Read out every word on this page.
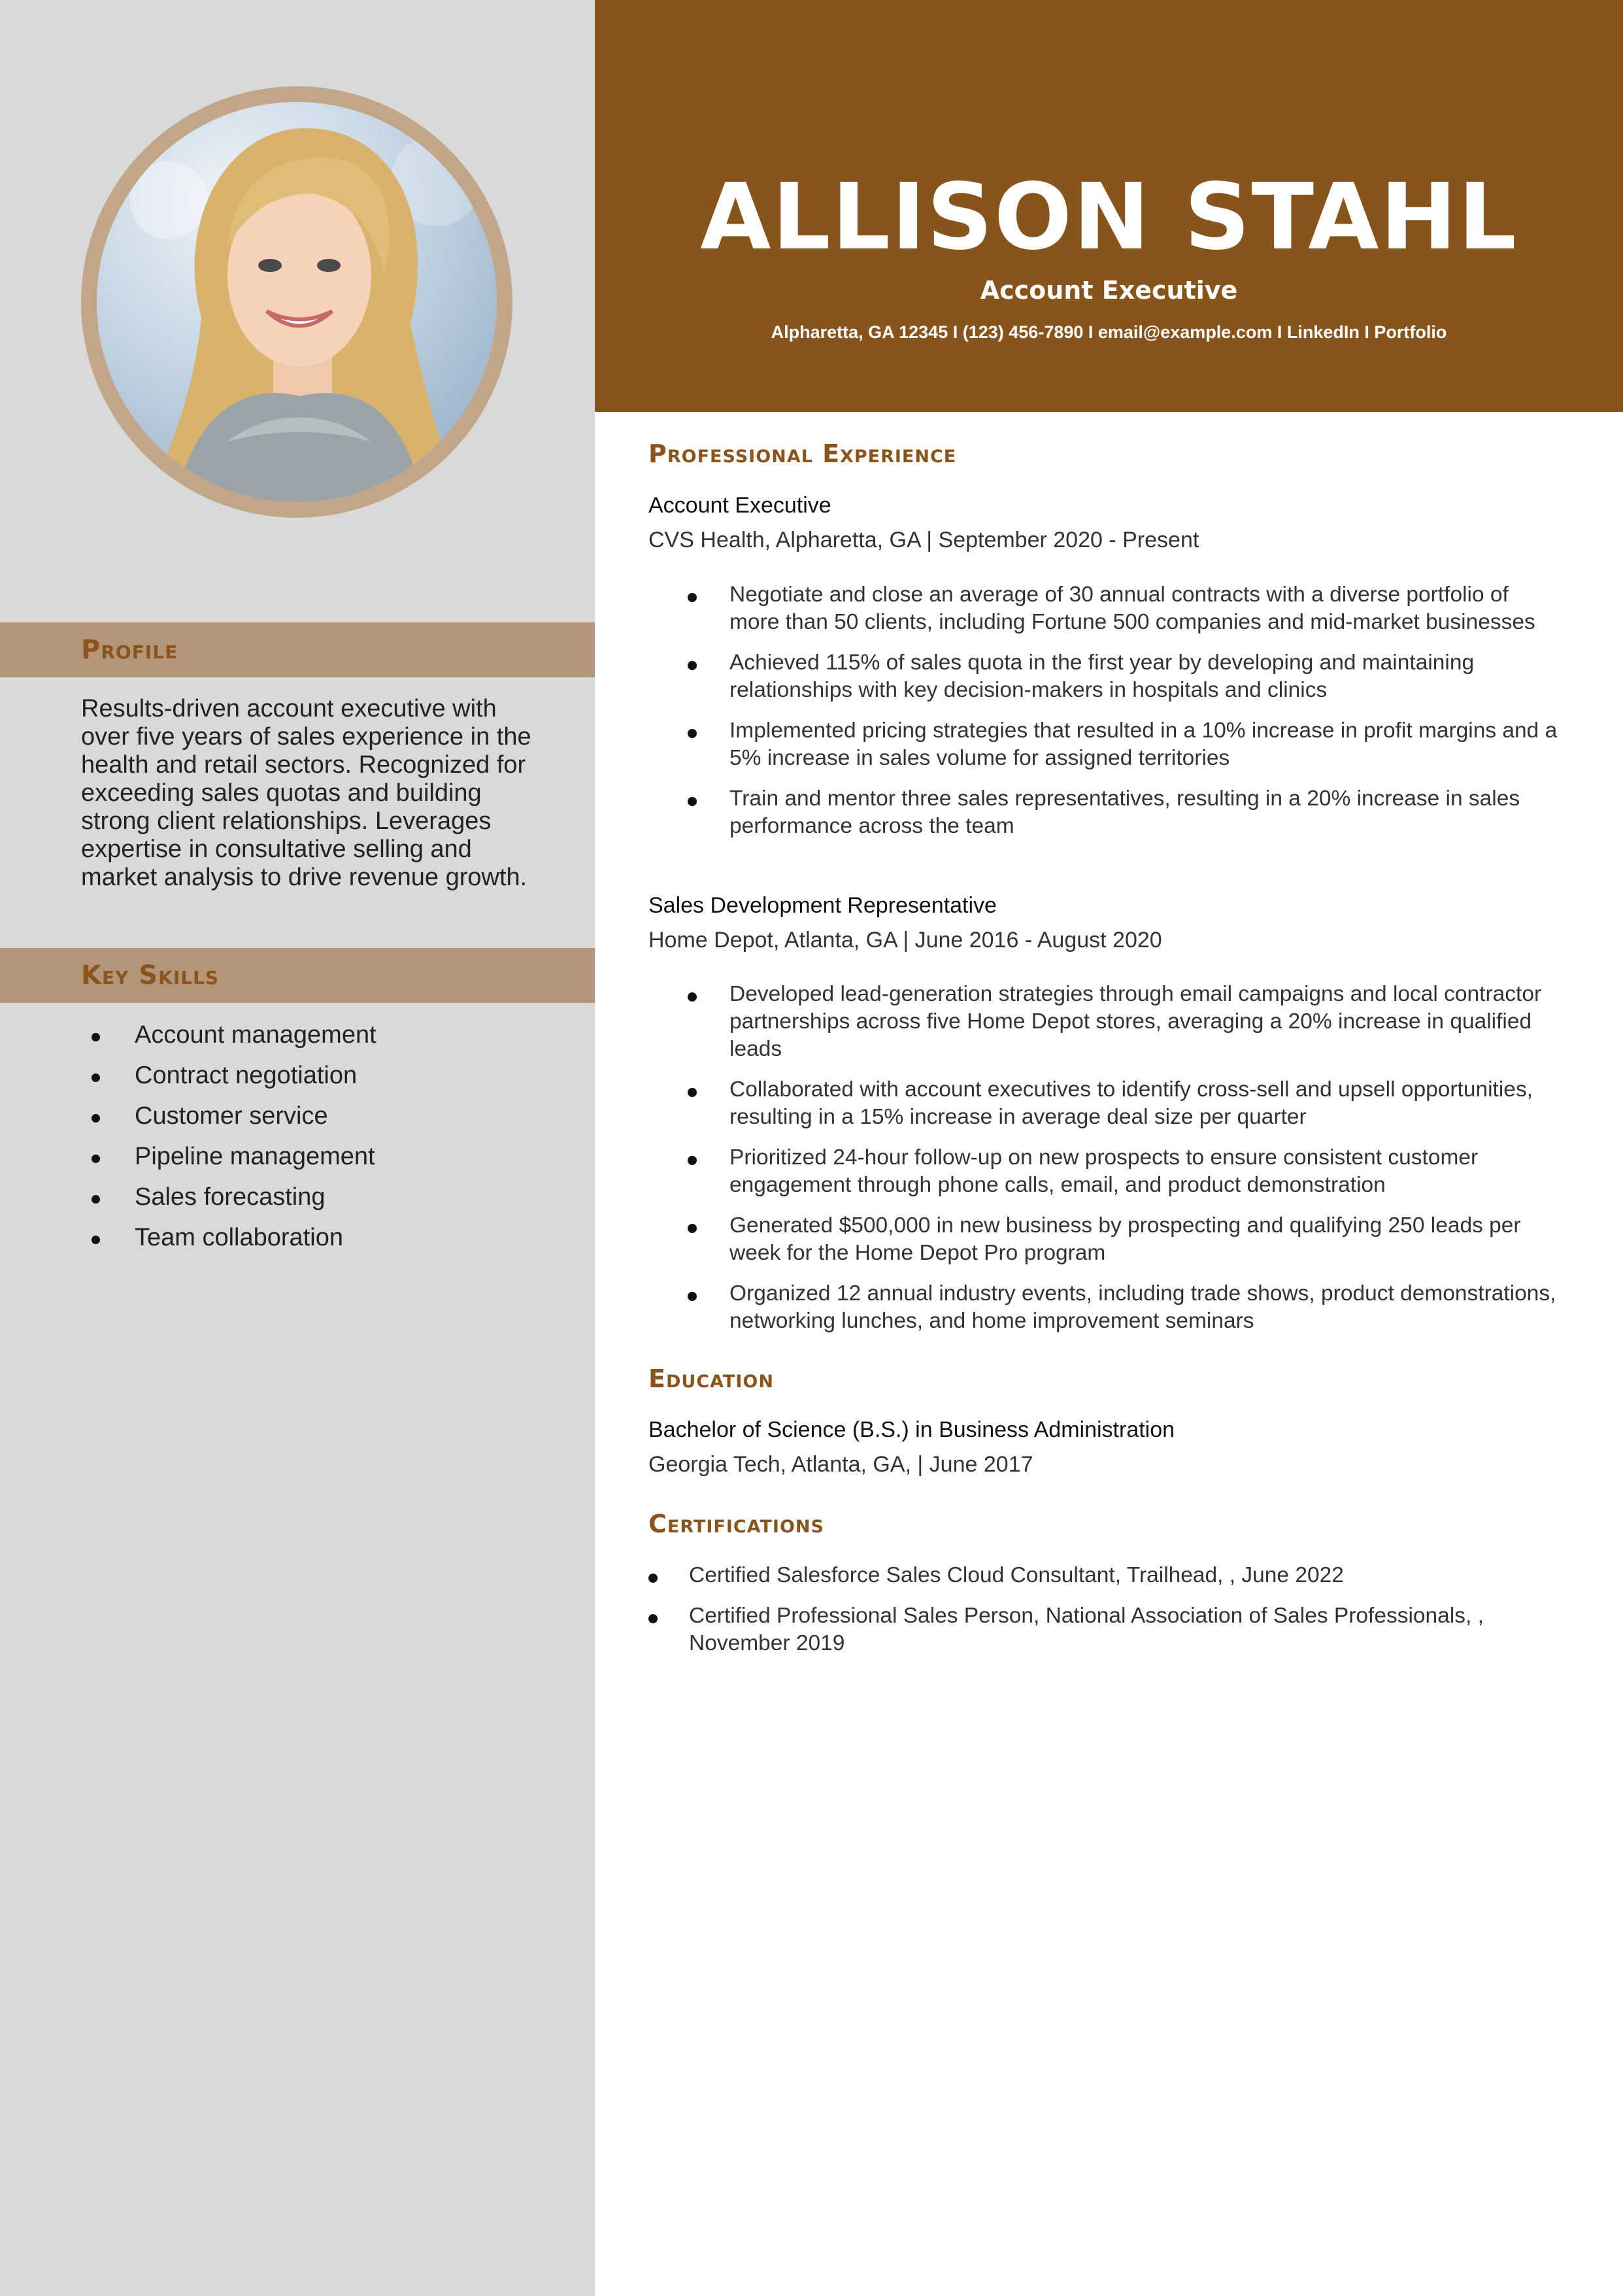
Profile

Results-driven account executive with over five years of sales experience in the health and retail sectors. Recognized for exceeding sales quotas and building strong client relationships. Leverages expertise in consultative selling and market analysis to drive revenue growth.

Key Skills
Account management
Contract negotiation
Customer service
Pipeline management
Sales forecasting
Team collaboration
ALLISON STAHL
Account Executive
Alpharetta, GA 12345 I (123) 456-7890 I email@example.com I LinkedIn I Portfolio
Professional Experience
Account Executive
CVS Health, Alpharetta, GA | September 2020 - Present
Negotiate and close an average of 30 annual contracts with a diverse portfolio of more than 50 clients, including Fortune 500 companies and mid-market businesses
Achieved 115% of sales quota in the first year by developing and maintaining relationships with key decision-makers in hospitals and clinics
Implemented pricing strategies that resulted in a 10% increase in profit margins and a 5% increase in sales volume for assigned territories
Train and mentor three sales representatives, resulting in a 20% increase in sales performance across the team
Sales Development Representative
Home Depot, Atlanta, GA | June 2016 - August 2020
Developed lead-generation strategies through email campaigns and local contractor partnerships across five Home Depot stores, averaging a 20% increase in qualified leads
Collaborated with account executives to identify cross-sell and upsell opportunities, resulting in a 15% increase in average deal size per quarter
Prioritized 24-hour follow-up on new prospects to ensure consistent customer engagement through phone calls, email, and product demonstration
Generated $500,000 in new business by prospecting and qualifying 250 leads per week for the Home Depot Pro program
Organized 12 annual industry events, including trade shows, product demonstrations, networking lunches, and home improvement seminars
Education
Bachelor of Science (B.S.) in Business Administration
Georgia Tech, Atlanta, GA, | June 2017
Certifications
Certified Salesforce Sales Cloud Consultant, Trailhead, , June 2022
Certified Professional Sales Person, National Association of Sales Professionals, , November 2019
